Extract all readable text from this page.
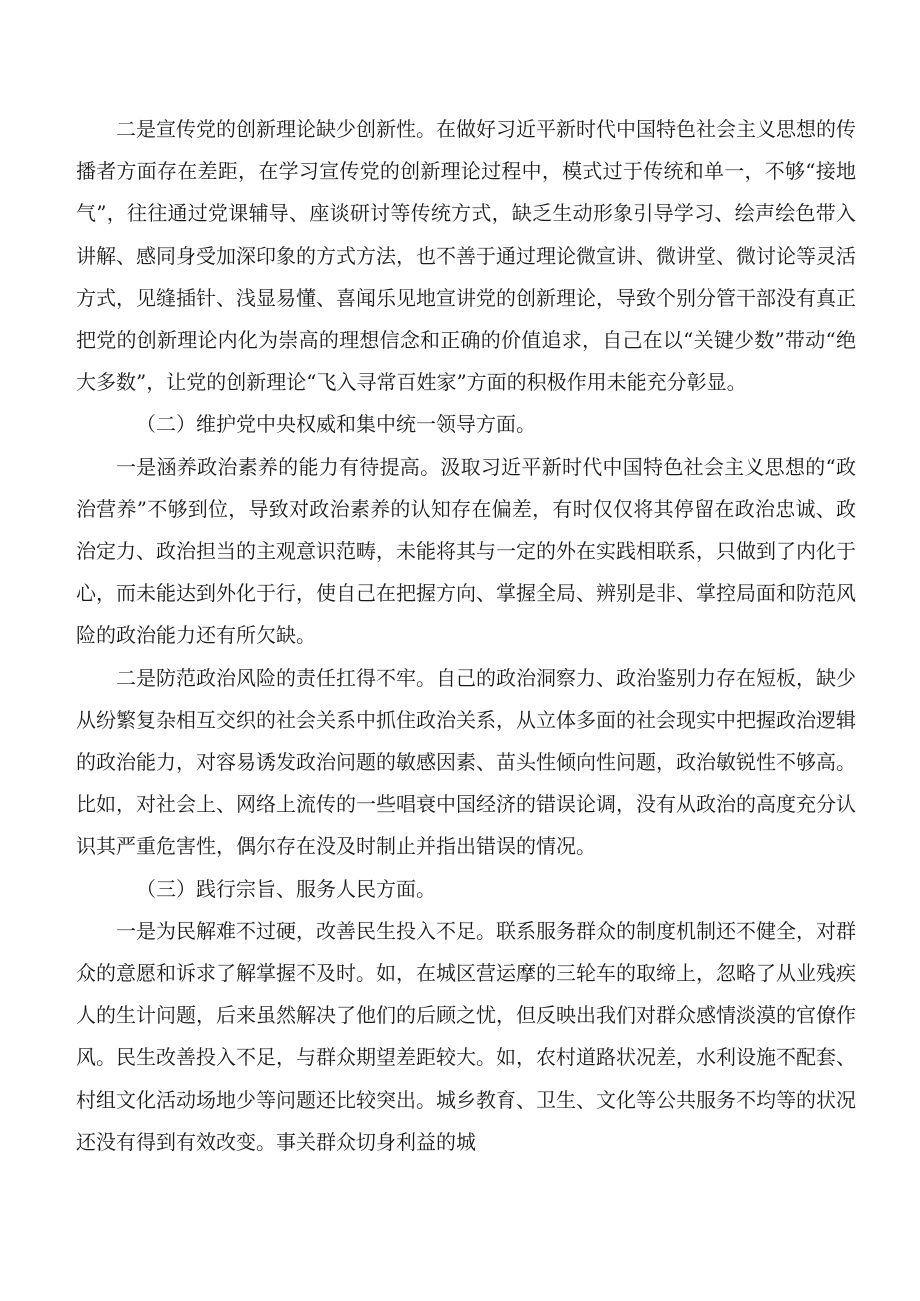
二是宣传党的创新理论缺少创新性。在做好习近平新时代中国特色社会主义思想的传播者方面存在差距，在学习宣传党的创新理论过程中，模式过于传统和单一，不够“接地气”，往往通过党课辅导、座谈研讨等传统方式，缺乏生动形象引导学习、绘声绘色带入讲解、感同身受加深印象的方式方法，也不善于通过理论微宣讲、微讲堂、微讨论等灵活方式，见缝插针、浅显易懂、喜闻乐见地宣讲党的创新理论，导致个别分管干部没有真正把党的创新理论内化为崇高的理想信念和正确的价值追求，自己在以“关键少数”带动“绝大多数”，让党的创新理论“飞入寻常百姓家”方面的积极作用未能充分彰显。

（二）维护党中央权威和集中统一领导方面。

一是涵养政治素养的能力有待提高。汲取习近平新时代中国特色社会主义思想的“政治营养”不够到位，导致对政治素养的认知存在偏差，有时仅仅将其停留在政治忠诚、政治定力、政治担当的主观意识范畴，未能将其与一定的外在实践相联系，只做到了内化于心，而未能达到外化于行，使自己在把握方向、掌握全局、辨别是非、掌控局面和防范风险的政治能力还有所欠缺。

二是防范政治风险的责任扛得不牢。自己的政治洞察力、政治鉴别力存在短板，缺少从纷繁复杂相互交织的社会关系中抓住政治关系，从立体多面的社会现实中把握政治逻辑的政治能力，对容易诱发政治问题的敏感因素、苗头性倾向性问题，政治敏锐性不够高。比如，对社会上、网络上流传的一些唱衰中国经济的错误论调，没有从政治的高度充分认识其严重危害性，偶尔存在没及时制止并指出错误的情况。

（三）践行宗旨、服务人民方面。

一是为民解难不过硬，改善民生投入不足。联系服务群众的制度机制还不健全，对群众的意愿和诉求了解掌握不及时。如，在城区营运摩的三轮车的取缔上，忽略了从业残疾人的生计问题，后来虽然解决了他们的后顾之忧，但反映出我们对群众感情淡漠的官僚作风。民生改善投入不足，与群众期望差距较大。如，农村道路状况差，水利设施不配套、村组文化活动场地少等问题还比较突出。城乡教育、卫生、文化等公共服务不均等的状况还没有得到有效改变。事关群众切身利益的城
